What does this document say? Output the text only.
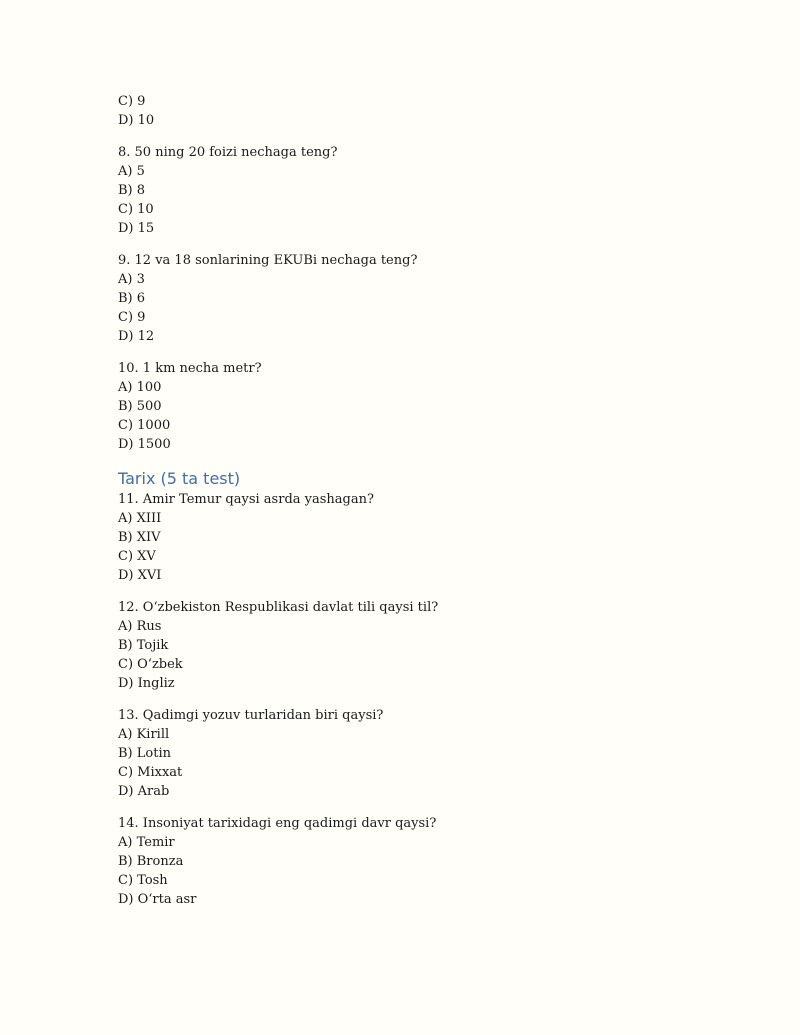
C) 9
D) 10
8. 50 ning 20 foizi nechaga teng?
A) 5
B) 8
C) 10
D) 15
9. 12 va 18 sonlarining EKUBi nechaga teng?
A) 3
B) 6
C) 9
D) 12
10. 1 km necha metr?
A) 100
B) 500
C) 1000
D) 1500
Tarix (5 ta test)
11. Amir Temur qaysi asrda yashagan?
A) XIII
B) XIV
C) XV
D) XVI
12. O‘zbekiston Respublikasi davlat tili qaysi til?
A) Rus
B) Tojik
C) O‘zbek
D) Ingliz
13. Qadimgi yozuv turlaridan biri qaysi?
A) Kirill
B) Lotin
C) Mixxat
D) Arab
14. Insoniyat tarixidagi eng qadimgi davr qaysi?
A) Temir
B) Bronza
C) Tosh
D) O‘rta asr
